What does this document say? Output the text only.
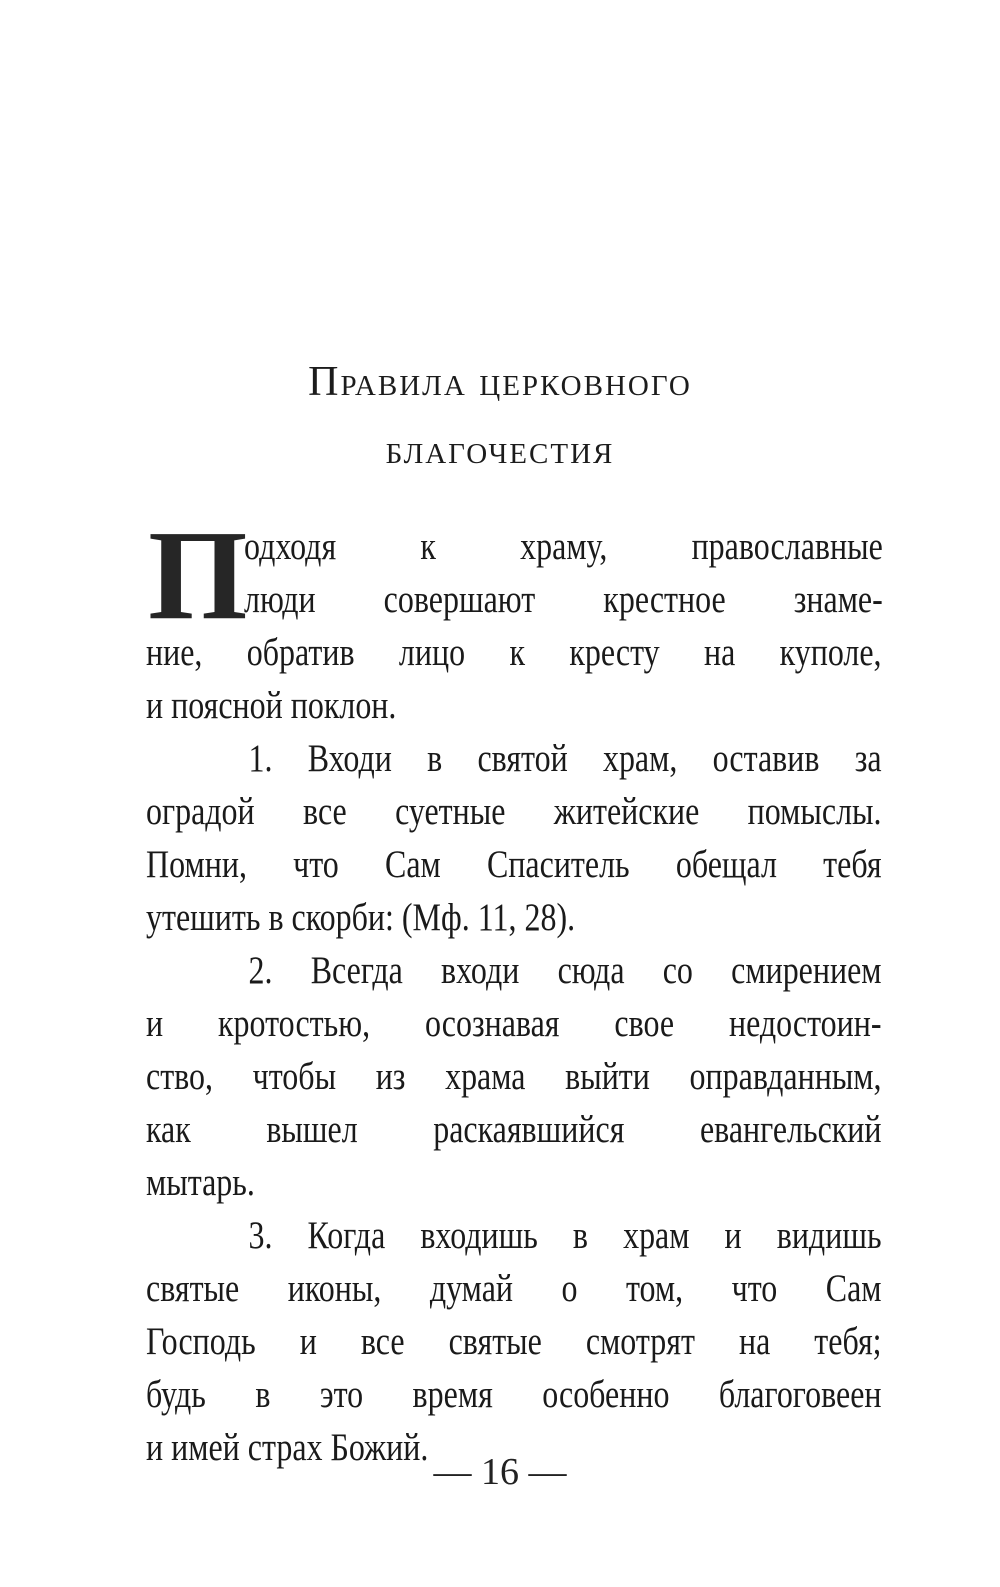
Правила церковного
благочестия
П
одходя к храму, православные
люди совершают крестное знаме-
ние, обратив лицо к кресту на куполе,
и поясной поклон.
1. Входи в святой храм, оставив за
оградой все суетные житейские помыслы.
Помни, что Сам Спаситель обещал тебя
утешить в скорби: (Мф. 11, 28).
2. Всегда входи сюда со смирением
и кротостью, осознавая свое недостоин-
ство, чтобы из храма выйти оправданным,
как вышел раскаявшийся евангельский
мытарь.
3. Когда входишь в храм и видишь
святые иконы, думай о том, что Сам
Господь и все святые смотрят на тебя;
будь в это время особенно благоговеен
и имей страх Божий.
— 16 —
